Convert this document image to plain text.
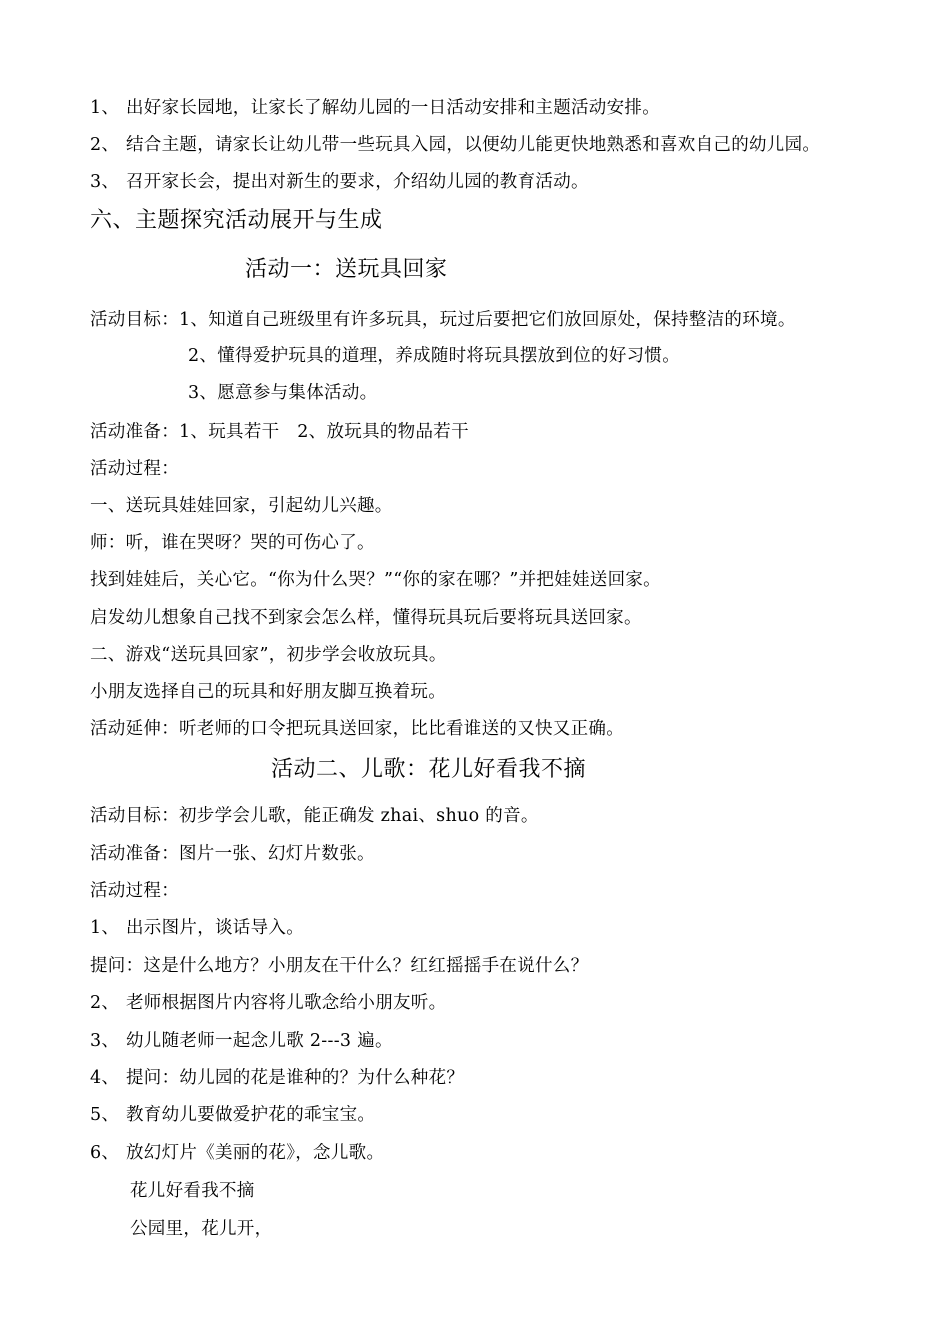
1、 出好家长园地，让家长了解幼儿园的一日活动安排和主题活动安排。
2、 结合主题，请家长让幼儿带一些玩具入园，以便幼儿能更快地熟悉和喜欢自己的幼儿园。
3、 召开家长会，提出对新生的要求，介绍幼儿园的教育活动。
六、主题探究活动展开与生成
活动一：送玩具回家
活动目标：1、知道自己班级里有许多玩具，玩过后要把它们放回原处，保持整洁的环境。
2、懂得爱护玩具的道理，养成随时将玩具摆放到位的好习惯。
3、愿意参与集体活动。
活动准备：1、玩具若干　2、放玩具的物品若干
活动过程：
一、送玩具娃娃回家，引起幼儿兴趣。
师：听，谁在哭呀？哭的可伤心了。
找到娃娃后，关心它。“你为什么哭？”“你的家在哪？”并把娃娃送回家。
启发幼儿想象自己找不到家会怎么样，懂得玩具玩后要将玩具送回家。
二、游戏“送玩具回家”，初步学会收放玩具。
小朋友选择自己的玩具和好朋友脚互换着玩。
活动延伸：听老师的口令把玩具送回家，比比看谁送的又快又正确。
活动二、儿歌：花儿好看我不摘
活动目标：初步学会儿歌，能正确发 zhai、shuo 的音。
活动准备：图片一张、幻灯片数张。
活动过程：
1、 出示图片，谈话导入。
提问：这是什么地方？小朋友在干什么？红红摇摇手在说什么？
2、 老师根据图片内容将儿歌念给小朋友听。
3、 幼儿随老师一起念儿歌 2---3 遍。
4、 提问：幼儿园的花是谁种的？为什么种花？
5、 教育幼儿要做爱护花的乖宝宝。
6、 放幻灯片《美丽的花》，念儿歌。
花儿好看我不摘
公园里，花儿开，
